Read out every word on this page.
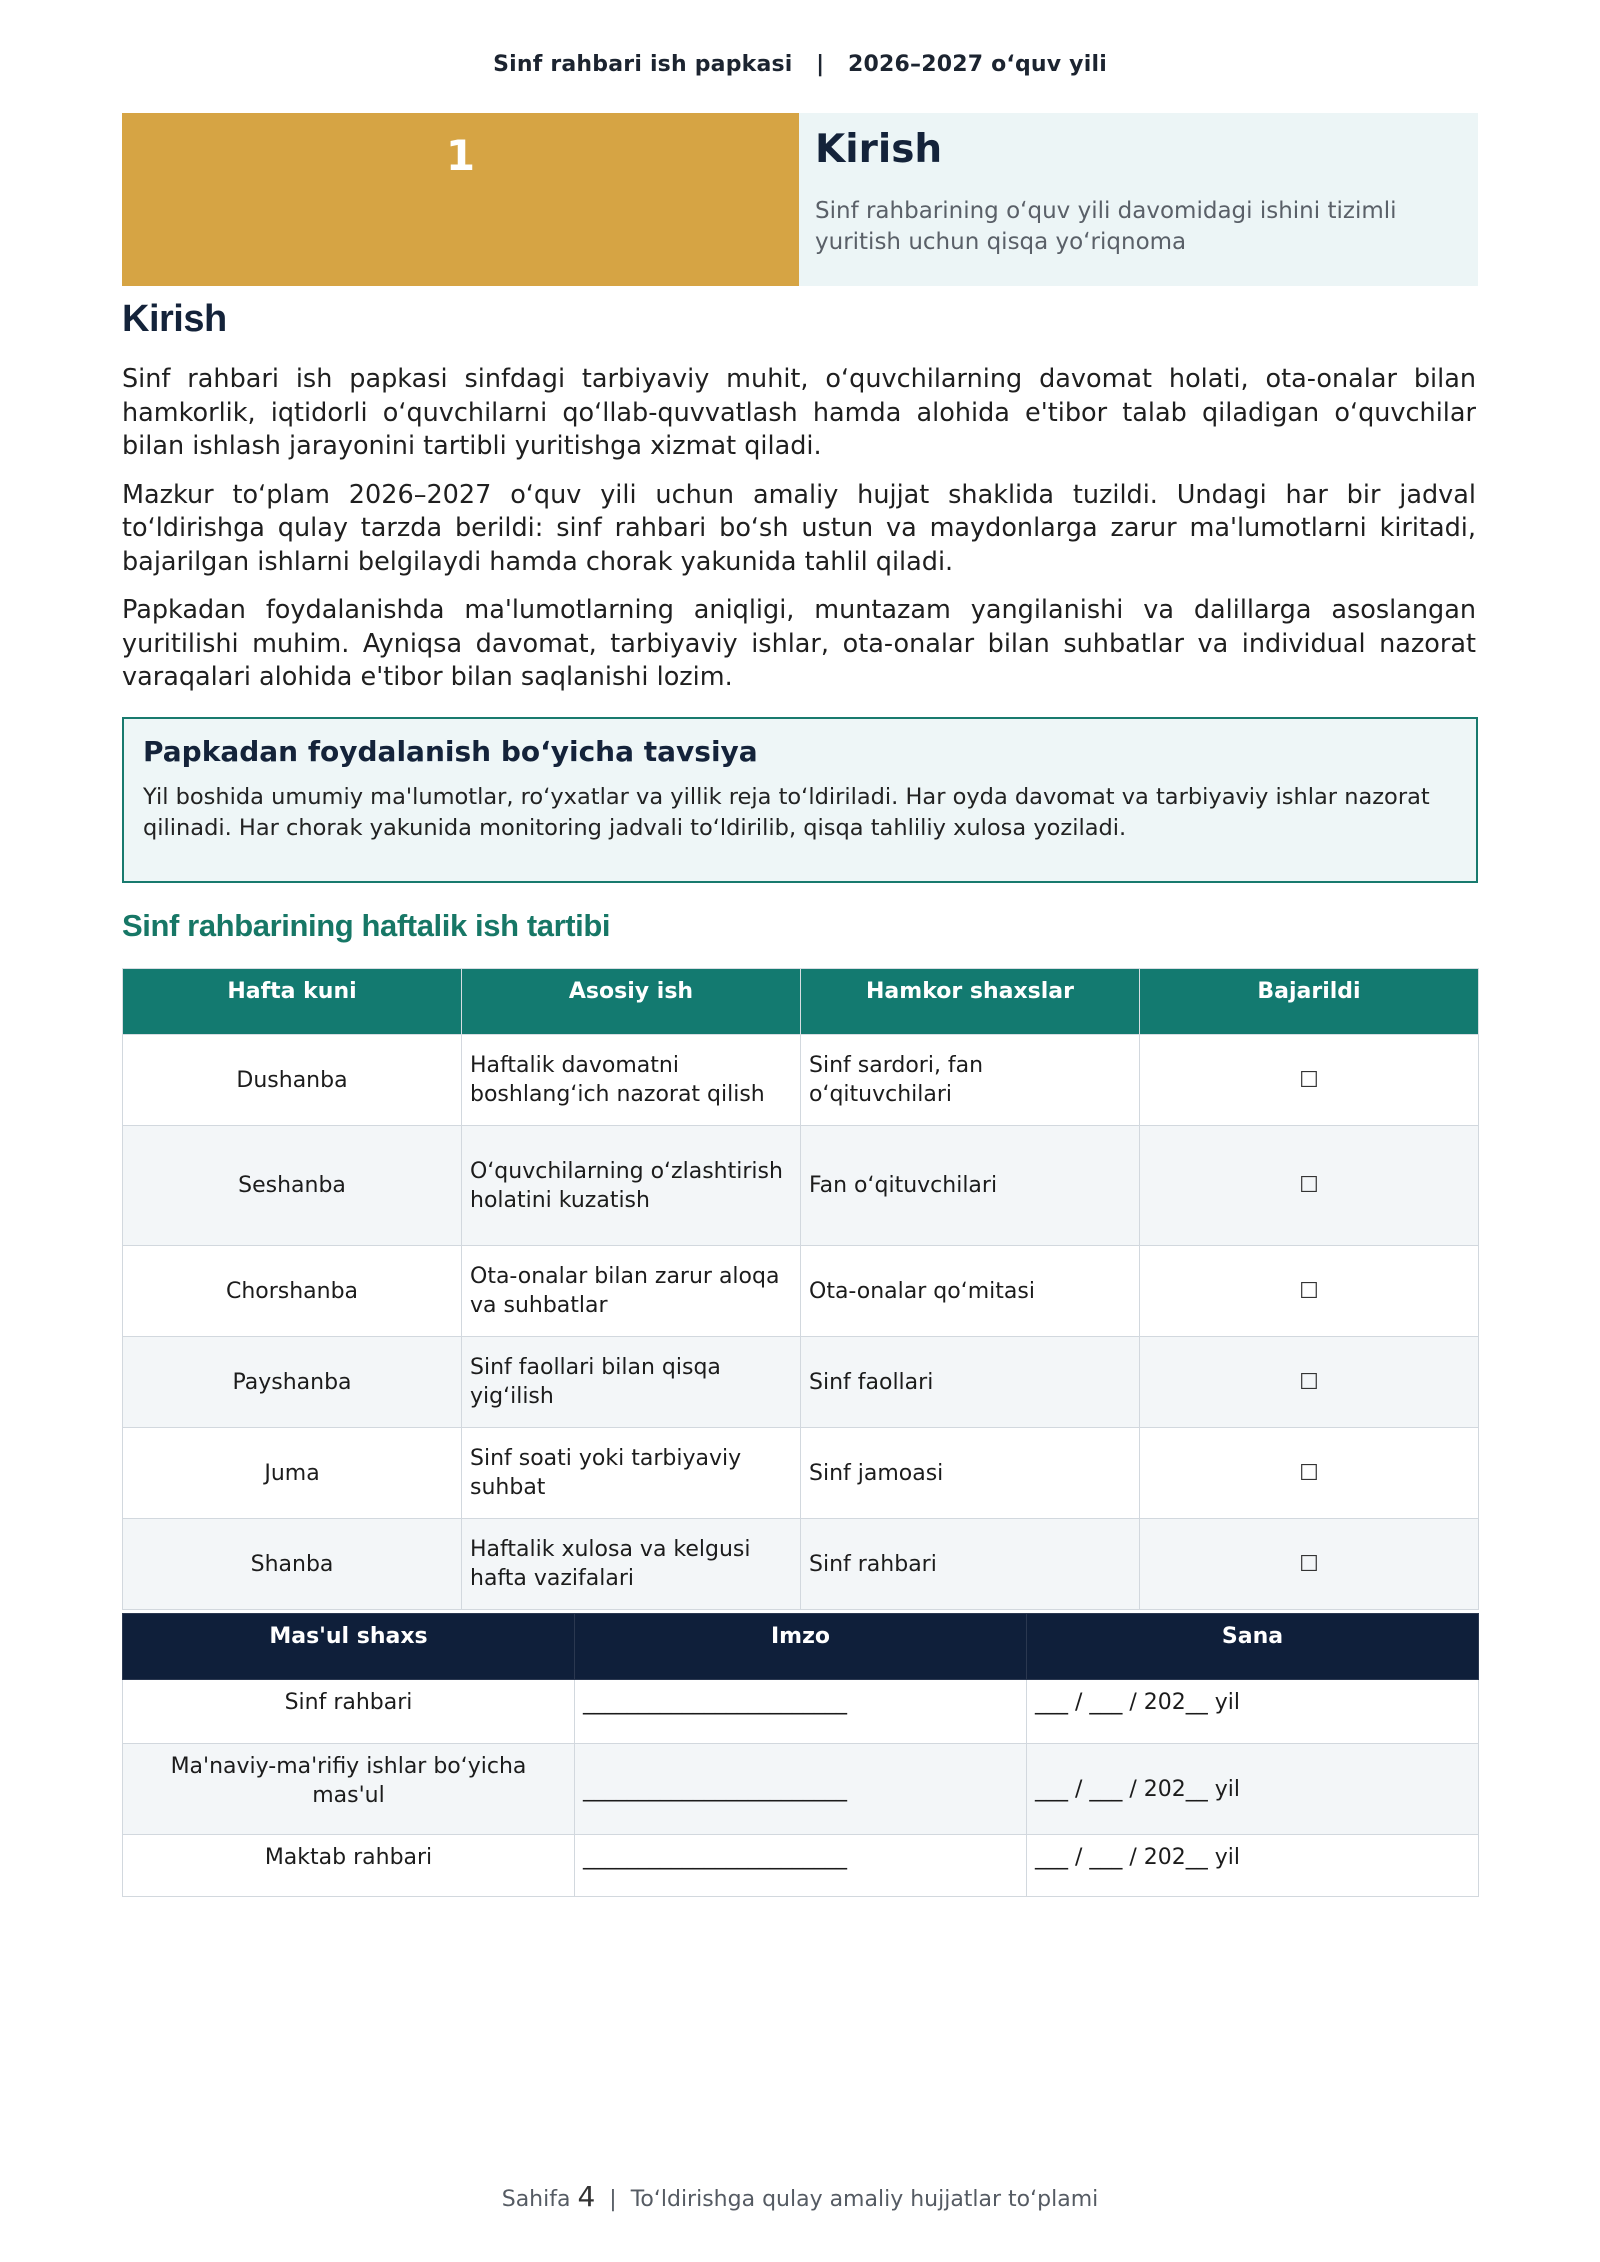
Sinf rahbari ish papkasi | 2026–2027 oʻquv yili
1	Kirish
Sinf rahbarining oʻquv yili davomidagi ishini tizimli yuritish uchun qisqa yoʻriqnoma
Kirish

Sinf rahbari ish papkasi sinfdagi tarbiyaviy muhit, oʻquvchilarning davomat holati, ota-onalar bilan hamkorlik, iqtidorli oʻquvchilarni qoʻllab-quvvatlash hamda alohida e'tibor talab qiladigan oʻquvchilar bilan ishlash jarayonini tartibli yuritishga xizmat qiladi.

Mazkur toʻplam 2026–2027 oʻquv yili uchun amaliy hujjat shaklida tuzildi. Undagi har bir jadval toʻldirishga qulay tarzda berildi: sinf rahbari boʻsh ustun va maydonlarga zarur ma'lumotlarni kiritadi, bajarilgan ishlarni belgilaydi hamda chorak yakunida tahlil qiladi.

Papkadan foydalanishda ma'lumotlarning aniqligi, muntazam yangilanishi va dalillarga asoslangan yuritilishi muhim. Ayniqsa davomat, tarbiyaviy ishlar, ota-onalar bilan suhbatlar va individual nazorat varaqalari alohida e'tibor bilan saqlanishi lozim.

Papkadan foydalanish boʻyicha tavsiya
Yil boshida umumiy ma'lumotlar, roʻyxatlar va yillik reja toʻldiriladi. Har oyda davomat va tarbiyaviy ishlar nazorat qilinadi. Har chorak yakunida monitoring jadvali toʻldirilib, qisqa tahliliy xulosa yoziladi.
Sinf rahbarining haftalik ish tartibi
Hafta kuni	Asosiy ish	Hamkor shaxslar	Bajarildi
Dushanba	Haftalik davomatni boshlangʻich nazorat qilish	Sinf sardori, fan oʻqituvchilari	☐
Seshanba	Oʻquvchilarning oʻzlashtirish holatini kuzatish	Fan oʻqituvchilari	☐
Chorshanba	Ota-onalar bilan zarur aloqa va suhbatlar	Ota-onalar qoʻmitasi	☐
Payshanba	Sinf faollari bilan qisqa yigʻilish	Sinf faollari	☐
Juma	Sinf soati yoki tarbiyaviy suhbat	Sinf jamoasi	☐
Shanba	Haftalik xulosa va kelgusi hafta vazifalari	Sinf rahbari	☐
Mas'ul shaxs	Imzo	Sana
Sinf rahbari	________________________	___ / ___ / 202__ yil
Ma'naviy-ma'rifiy ishlar boʻyicha mas'ul	________________________	___ / ___ / 202__ yil
Maktab rahbari	________________________	___ / ___ / 202__ yil
Sahifa 4 | Toʻldirishga qulay amaliy hujjatlar toʻplami
